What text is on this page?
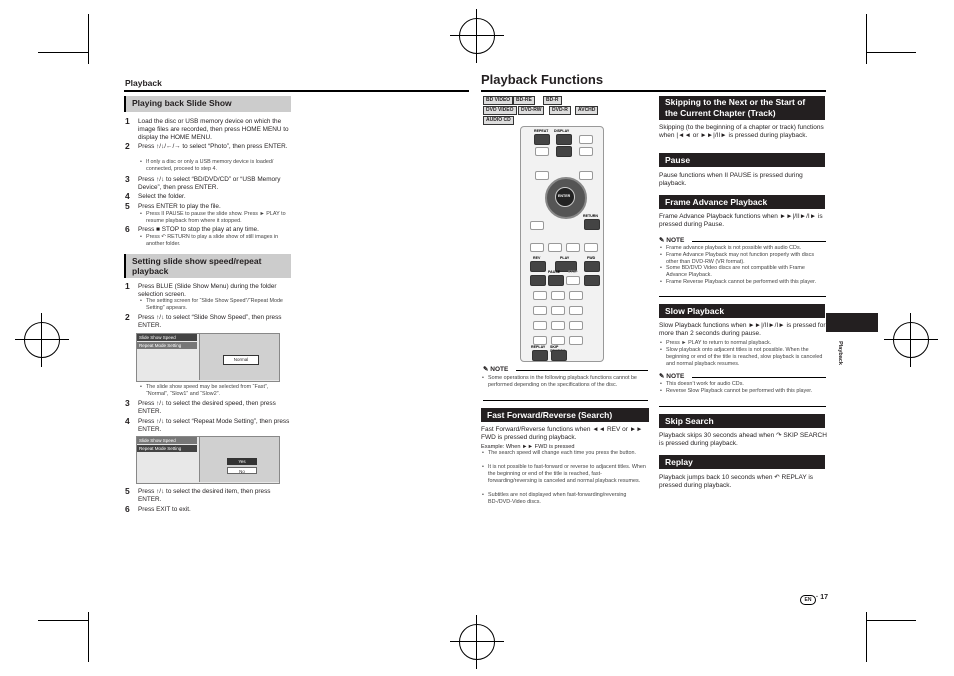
Playback	Playback Functions
Playing back Slide Show
1 Load the disc or USB memory device on which the image files are recorded, then press HOME MENU to display the HOME MENU.
2 Press ↑/↓/←/→ to select “Photo”, then press ENTER.
• If only a disc or only a USB memory device is loaded/ connected, proceed to step 4.
3 Press ↑/↓ to select “BD/DVD/CD” or “USB Memory Device”, then press ENTER.
4 Select the folder.
5 Press ENTER to play the file.
• Press II PAUSE to pause the slide show. Press ► PLAY to resume playback from where it stopped.
6 Press ■ STOP to stop the play at any time.
• Press ↶ RETURN to play a slide show of still images in another folder.
Setting slide show speed/repeat playback
1 Press BLUE (Slide Show Menu) during the folder selection screen.
• The setting screen for “Slide Show Speed”/“Repeat Mode Setting” appears.
2 Press ↑/↓ to select “Slide Show Speed”, then press ENTER.
Slide Show Speed
Repeat Mode Setting
Normal
• The slide show speed may be selected from “Fast”, “Normal”, “Slow1” and “Slow2”.
3 Press ↑/↓ to select the desired speed, then press ENTER.
4 Press ↑/↓ to select “Repeat Mode Setting”, then press ENTER.
Slide Show Speed
Repeat Mode Setting
Yes
No
5 Press ↑/↓ to select the desired item, then press ENTER.
6 Press EXIT to exit.
BD VIDEO	BD-RE	BD-R
DVD VIDEO	DVD-RW	DVD-R	AVCHD
AUDIO CD
REPEAT DISPLAY
ENTER
RETURN
REV	PLAY	FWD
PAUSE STOP
REPLAY SKIP
✎ NOTE
• Some operations in the following playback functions cannot be performed depending on the specifications of the disc.
Fast Forward/Reverse (Search)
Fast Forward/Reverse functions when ◄◄ REV or ►► FWD is pressed during playback.
Example: When ►► FWD is pressed
• The search speed will change each time you press the button.
• It is not possible to fast-forward or reverse to adjacent titles. When the beginning or end of the title is reached, fast-forwarding/reversing is canceled and normal playback resumes.
• Subtitles are not displayed when fast-forwarding/reversing BD-/DVD-Video discs.
Skipping to the Next or the Start of the Current Chapter (Track)
Skipping (to the beginning of a chapter or track) functions when |◄◄ or ►►|/II► is pressed during playback.
Pause
Pause functions when II PAUSE is pressed during playback.
Frame Advance Playback
Frame Advance Playback functions when ►►|/II►/I► is pressed during Pause.
✎ NOTE
• Frame advance playback is not possible with audio CDs.
• Frame Advance Playback may not function properly with discs other than DVD-RW (VR format).
• Some BD/DVD Video discs are not compatible with Frame Advance Playback.
• Frame Reverse Playback cannot be performed with this player.
Slow Playback
Slow Playback functions when ►►|/II►/I► is pressed for more than 2 seconds during pause.
• Press ► PLAY to return to normal playback.
• Slow playback onto adjacent titles is not possible. When the beginning or end of the title is reached, slow playback is canceled and normal playback resumes.
✎ NOTE
• This doesn’t work for audio CDs.
• Reverse Slow Playback cannot be performed with this player.
Skip Search
Playback skips 30 seconds ahead when ↷ SKIP SEARCH is pressed during playback.
Replay
Playback jumps back 10 seconds when ↶ REPLAY is pressed during playback.
Playback
EN · 17
